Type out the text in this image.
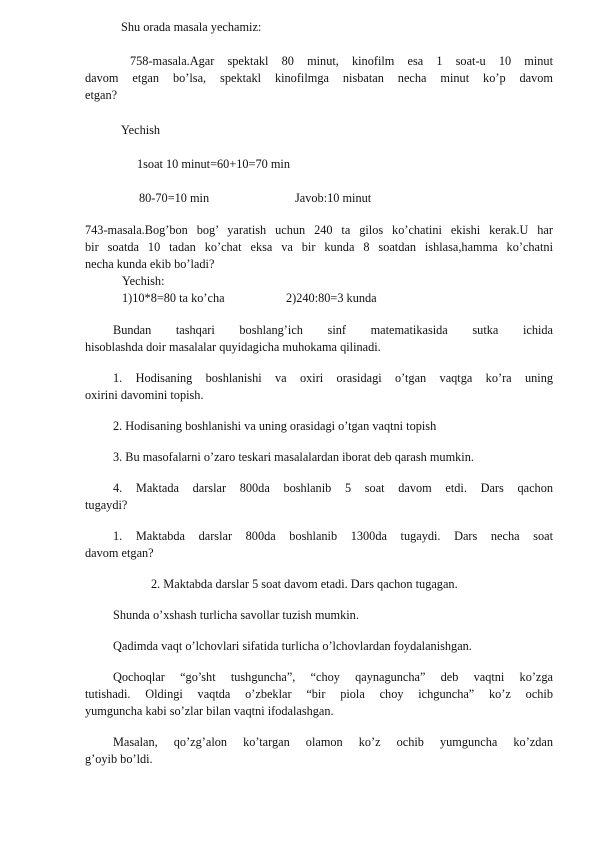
Shu orada masala yechamiz:
758-masala.Agar spektakl 80 minut, kinofilm esa 1 soat-u 10 minut
davom etgan bo’lsa, spektakl kinofilmga nisbatan necha minut ko’p davom
etgan?
Yechish
1soat 10 minut=60+10=70 min
80-70=10 min	Javob:10 minut
743-masala.Bog’bon bog’ yaratish uchun 240 ta gilos ko’chatini ekishi kerak.U har
bir soatda 10 tadan ko’chat eksa va bir kunda 8 soatdan ishlasa,hamma ko’chatni
necha kunda ekib bo’ladi?
Yechish:
1)10*8=80 ta ko’cha	2)240:80=3 kunda
Bundan tashqari boshlang’ich sinf matematikasida sutka ichida
hisoblashda doir masalalar quyidagicha muhokama qilinadi.
1. Hodisaning boshlanishi va oxiri orasidagi o’tgan vaqtga ko’ra uning
oxirini davomini topish.
2. Hodisaning boshlanishi va uning orasidagi o’tgan vaqtni topish
3. Bu masofalarni o’zaro teskari masalalardan iborat deb qarash mumkin.
4. Maktada darslar 800da boshlanib 5 soat davom etdi. Dars qachon
tugaydi?
1. Maktabda darslar 800da boshlanib 1300da tugaydi. Dars necha soat
davom etgan?
2. Maktabda darslar 5 soat davom etadi. Dars qachon tugagan.
Shunda o’xshash turlicha savollar tuzish mumkin.
Qadimda vaqt o’lchovlari sifatida turlicha o’lchovlardan foydalanishgan.
Qochoqlar “go’sht tushguncha”, “choy qaynaguncha” deb vaqtni ko’zga
tutishadi. Oldingi vaqtda o’zbeklar “bir piola choy ichguncha” ko’z ochib
yumguncha kabi so’zlar bilan vaqtni ifodalashgan.
Masalan, qo’zg’alon ko’targan olamon ko’z ochib yumguncha ko’zdan
g’oyib bo’ldi.
